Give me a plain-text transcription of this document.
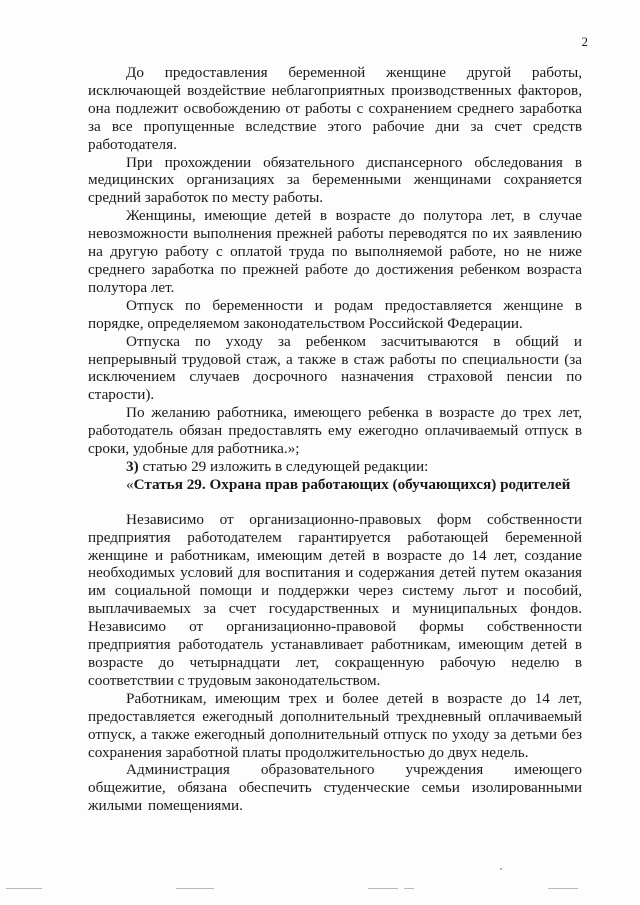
2

До предоставления беременной женщине другой работы, исключающей воздействие неблагоприятных производственных факторов, она подлежит освобождению от работы с сохранением среднего заработка за все пропущенные вследствие этого рабочие дни за счет средств работодателя.

При прохождении обязательного диспансерного обследования в медицинских организациях за беременными женщинами сохраняется средний заработок по месту работы.

Женщины, имеющие детей в возрасте до полутора лет, в случае невозможности выполнения прежней работы переводятся по их заявлению на другую работу с оплатой труда по выполняемой работе, но не ниже среднего заработка по прежней работе до достижения ребенком возраста полутора лет.

Отпуск по беременности и родам предоставляется женщине в порядке, определяемом законодательством Российской Федерации.

Отпуска по уходу за ребенком засчитываются в общий и непрерывный трудовой стаж, а также в стаж работы по специальности (за исключением случаев досрочного назначения страховой пенсии по старости).

По желанию работника, имеющего ребенка в возрасте до трех лет, работодатель обязан предоставлять ему ежегодно оплачиваемый отпуск в сроки, удобные для работника.»;

3) статью 29 изложить в следующей редакции:

«Статья 29. Охрана прав работающих (обучающихся) родителей

Независимо от организационно-правовых форм собственности предприятия работодателем гарантируется работающей беременной женщине и работникам, имеющим детей в возрасте до 14 лет, создание необходимых условий для воспитания и содержания детей путем оказания им социальной помощи и поддержки через систему льгот и пособий, выплачиваемых за счет государственных и муниципальных фондов. Независимо от организационно-правовой формы собственности предприятия работодатель устанавливает работникам, имеющим детей в возрасте до четырнадцати лет, сокращенную рабочую неделю в соответствии с трудовым законодательством.

Работникам, имеющим трех и более детей в возрасте до 14 лет, предоставляется ежегодный дополнительный трехдневный оплачиваемый отпуск, а также ежегодный дополнительный отпуск по уходу за детьми без сохранения заработной платы продолжительностью до двух недель.

Администрация образовательного учреждения имеющего общежитие, обязана обеспечить студенческие семьи изолированными жилыми помещениями.
